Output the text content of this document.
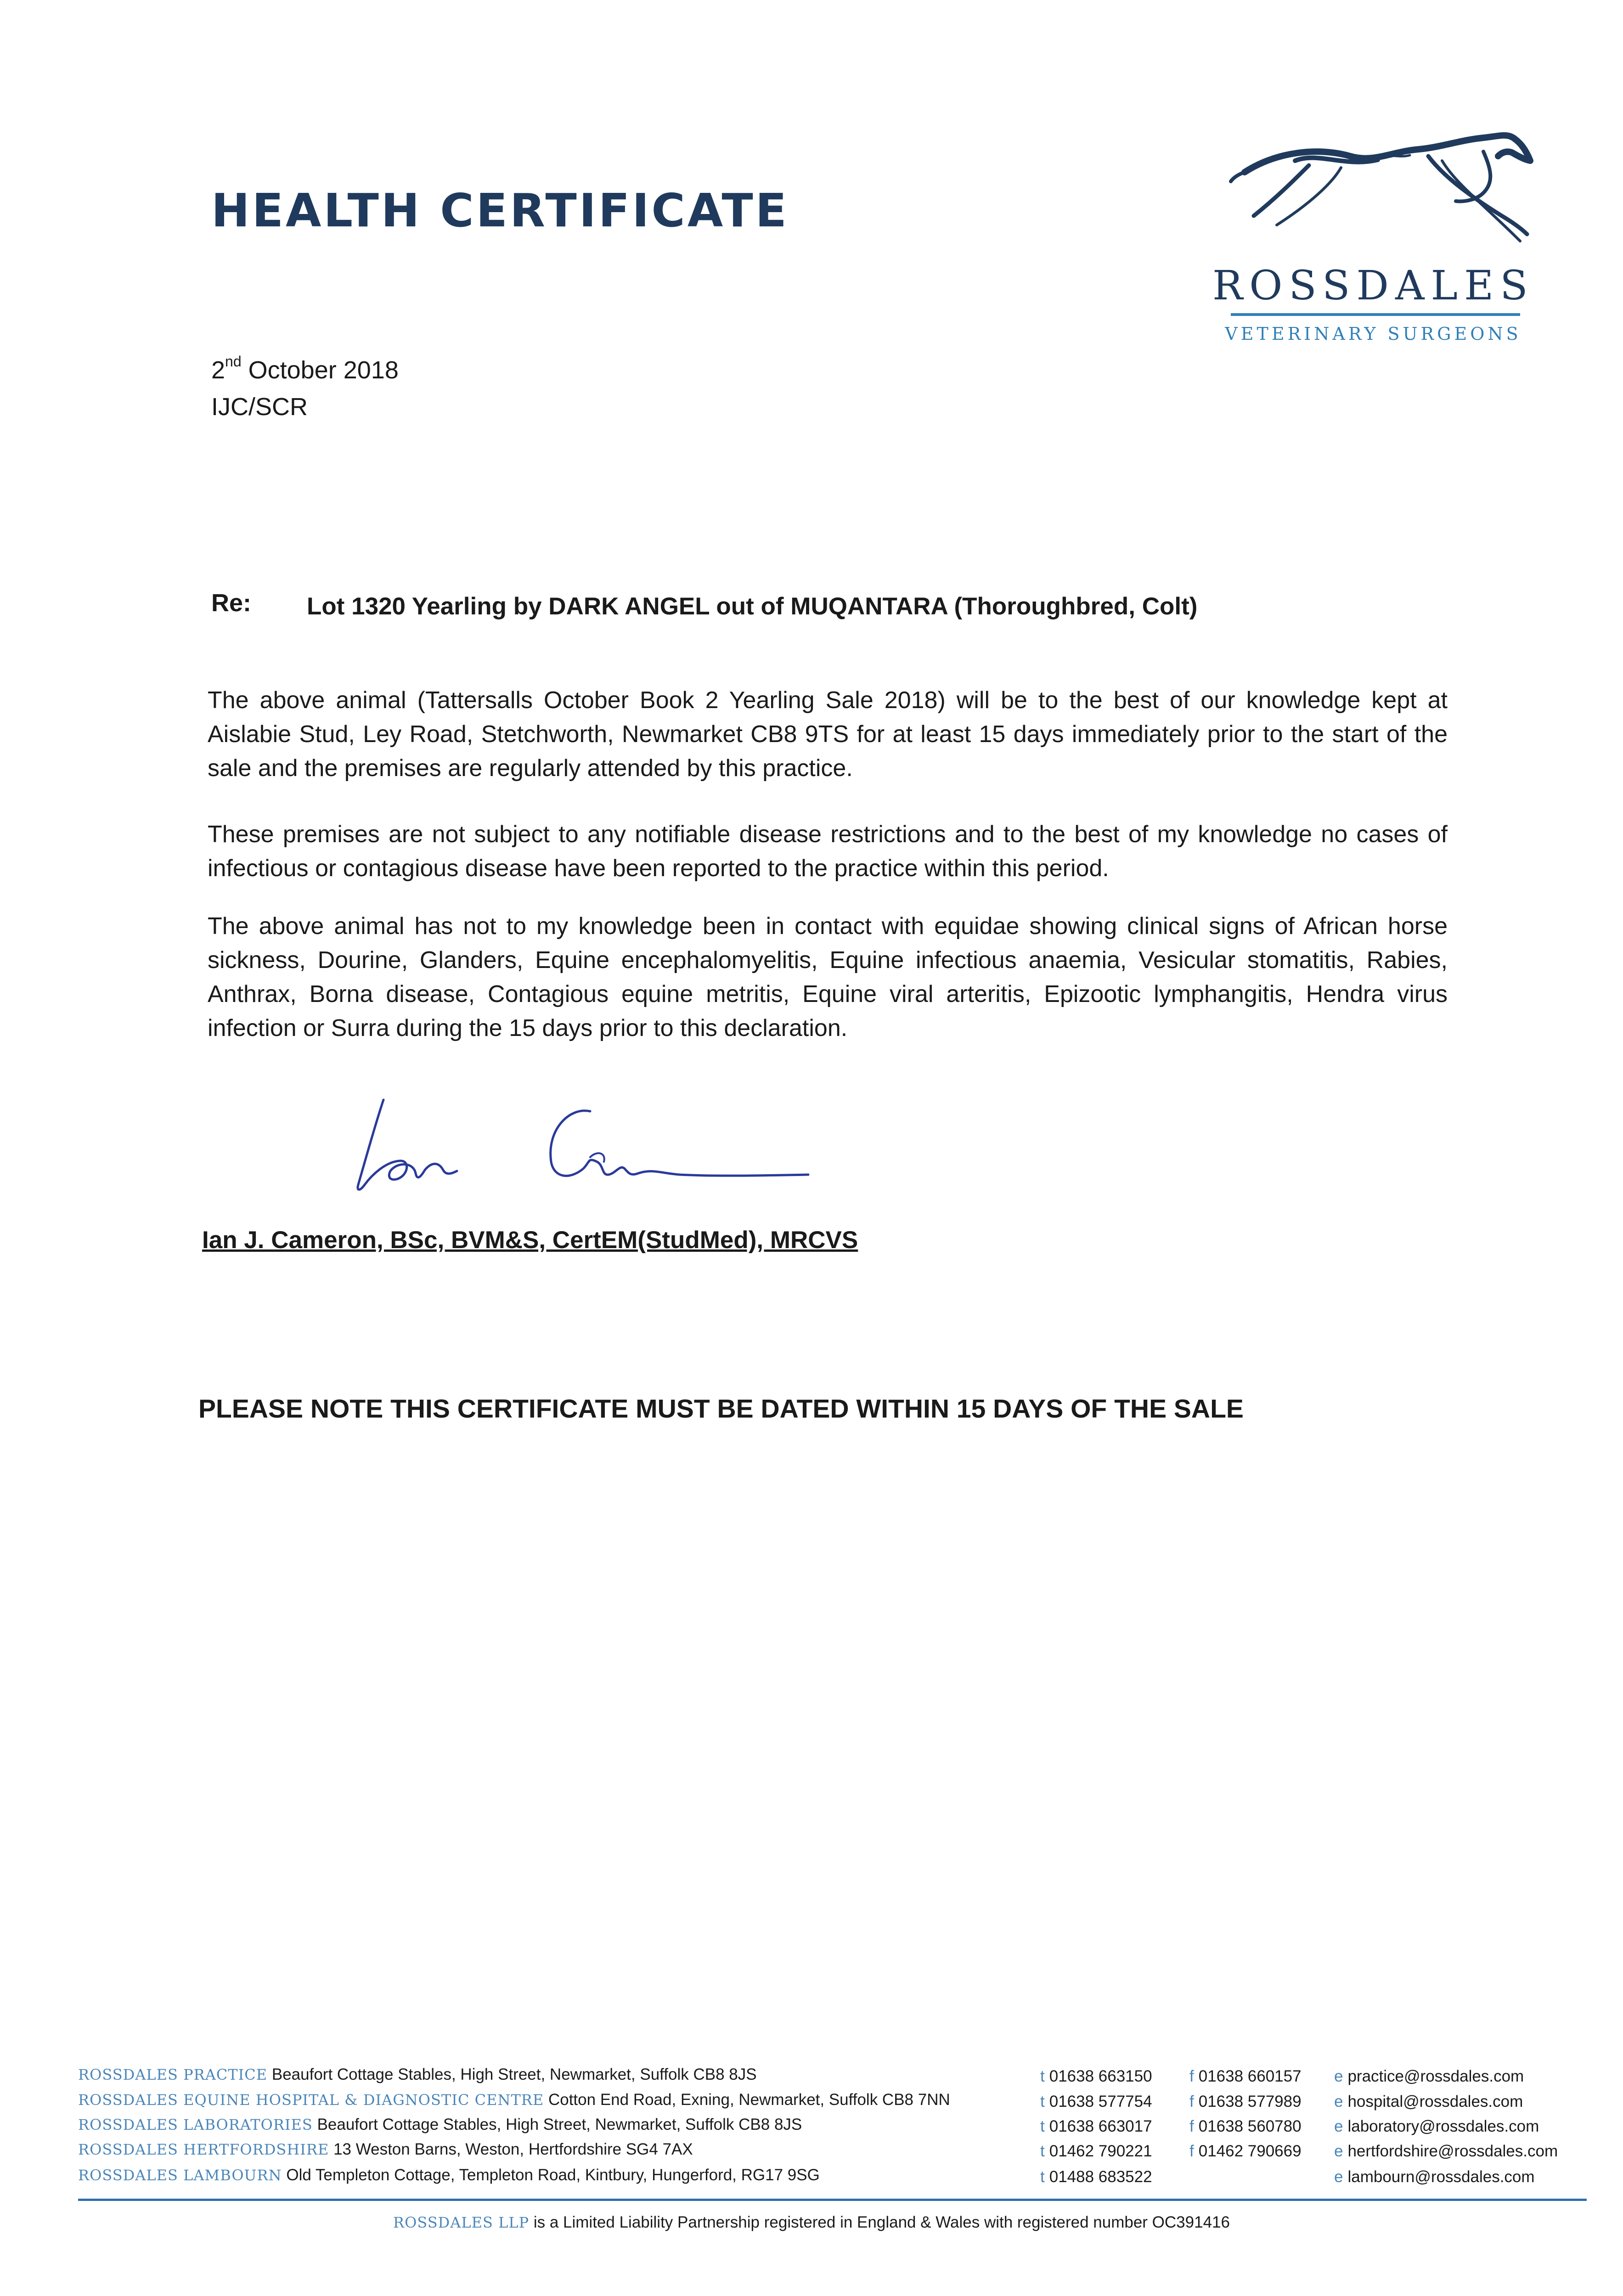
HEALTH CERTIFICATE
ROSSDALES
VETERINARY SURGEONS
2nd October 2018
IJC/SCR
Re: Lot 1320 Yearling by DARK ANGEL out of MUQANTARA (Thoroughbred, Colt)
The above animal (Tattersalls October Book 2 Yearling Sale 2018) will be to the best of our knowledge kept at Aislabie Stud, Ley Road, Stetchworth, Newmarket CB8 9TS for at least 15 days immediately prior to the start of the sale and the premises are regularly attended by this practice.
These premises are not subject to any notifiable disease restrictions and to the best of my knowledge no cases of infectious or contagious disease have been reported to the practice within this period.
The above animal has not to my knowledge been in contact with equidae showing clinical signs of African horse sickness, Dourine, Glanders, Equine encephalomyelitis, Equine infectious anaemia, Vesicular stomatitis, Rabies, Anthrax, Borna disease, Contagious equine metritis, Equine viral arteritis, Epizootic lymphangitis, Hendra virus infection or Surra during the 15 days prior to this declaration.
Ian J. Cameron, BSc, BVM&S, CertEM(StudMed), MRCVS
PLEASE NOTE THIS CERTIFICATE MUST BE DATED WITHIN 15 DAYS OF THE SALE
ROSSDALES PRACTICE Beaufort Cottage Stables, High Street, Newmarket, Suffolk CB8 8JS
ROSSDALES EQUINE HOSPITAL & DIAGNOSTIC CENTRE Cotton End Road, Exning, Newmarket, Suffolk CB8 7NN
ROSSDALES LABORATORIES Beaufort Cottage Stables, High Street, Newmarket, Suffolk CB8 8JS
ROSSDALES HERTFORDSHIRE 13 Weston Barns, Weston, Hertfordshire SG4 7AX
ROSSDALES LAMBOURN Old Templeton Cottage, Templeton Road, Kintbury, Hungerford, RG17 9SG
t 01638 663150
t 01638 577754
t 01638 663017
t 01462 790221
t 01488 683522
f 01638 660157
f 01638 577989
f 01638 560780
f 01462 790669
e practice@rossdales.com
e hospital@rossdales.com
e laboratory@rossdales.com
e hertfordshire@rossdales.com
e lambourn@rossdales.com
ROSSDALES LLP is a Limited Liability Partnership registered in England & Wales with registered number OC391416
